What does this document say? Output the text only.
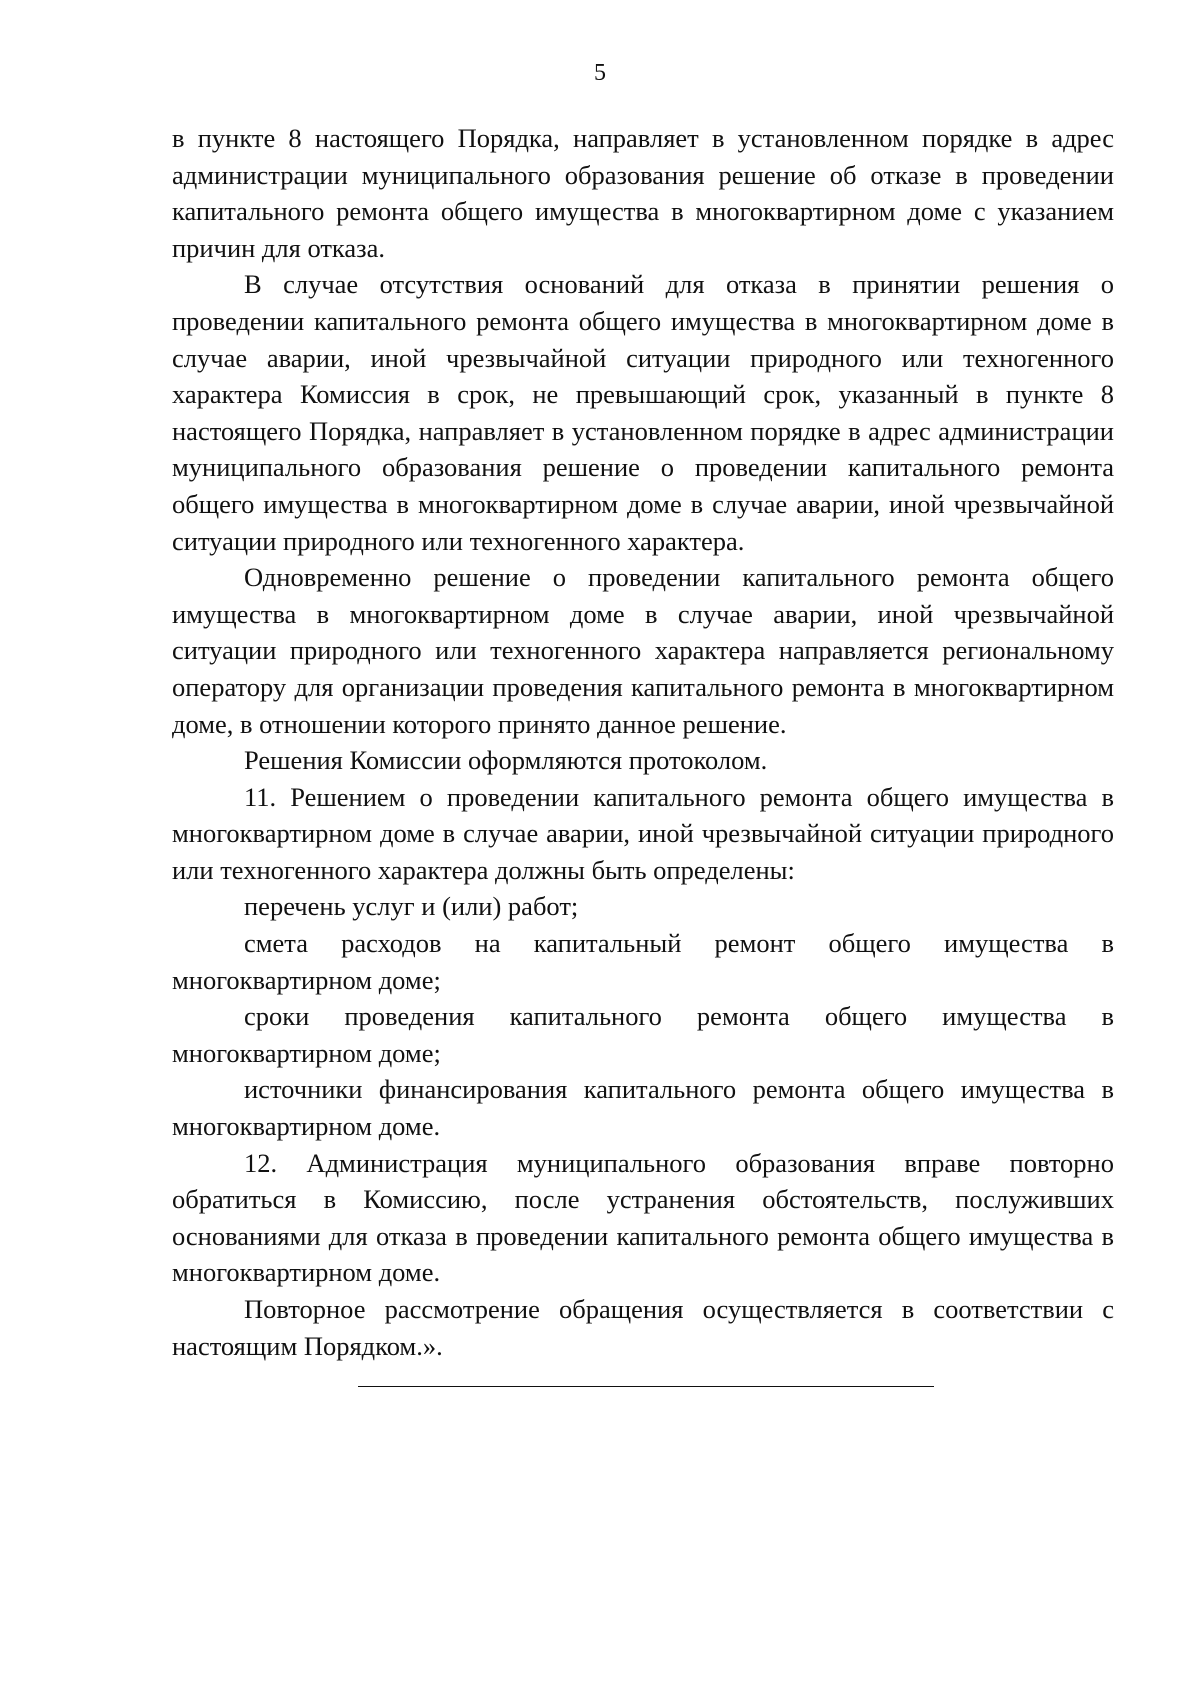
5

в пункте 8 настоящего Порядка, направляет в установленном порядке в адрес администрации муниципального образования решение об отказе в проведении капитального ремонта общего имущества в многоквартирном доме с указанием причин для отказа.

В случае отсутствия оснований для отказа в принятии решения о проведении капитального ремонта общего имущества в многоквартирном доме в случае аварии, иной чрезвычайной ситуации природного или техногенного характера Комиссия в срок, не превышающий срок, указанный в пункте 8 настоящего Порядка, направляет в установленном порядке в адрес администрации муниципального образования решение о проведении капитального ремонта общего имущества в многоквартирном доме в случае аварии, иной чрезвычайной ситуации природного или техногенного характера.

Одновременно решение о проведении капитального ремонта общего имущества в многоквартирном доме в случае аварии, иной чрезвычайной ситуации природного или техногенного характера направляется региональному оператору для организации проведения капитального ремонта в многоквартирном доме, в отношении которого принято данное решение.

Решения Комиссии оформляются протоколом.

11. Решением о проведении капитального ремонта общего имущества в многоквартирном доме в случае аварии, иной чрезвычайной ситуации природного или техногенного характера должны быть определены:

перечень услуг и (или) работ;

смета расходов на капитальный ремонт общего имущества в многоквартирном доме;

сроки проведения капитального ремонта общего имущества в многоквартирном доме;

источники финансирования капитального ремонта общего имущества в многоквартирном доме.

12. Администрация муниципального образования вправе повторно обратиться в Комиссию, после устранения обстоятельств, послуживших основаниями для отказа в проведении капитального ремонта общего имущества в многоквартирном доме.

Повторное рассмотрение обращения осуществляется в соответствии с настоящим Порядком.».
